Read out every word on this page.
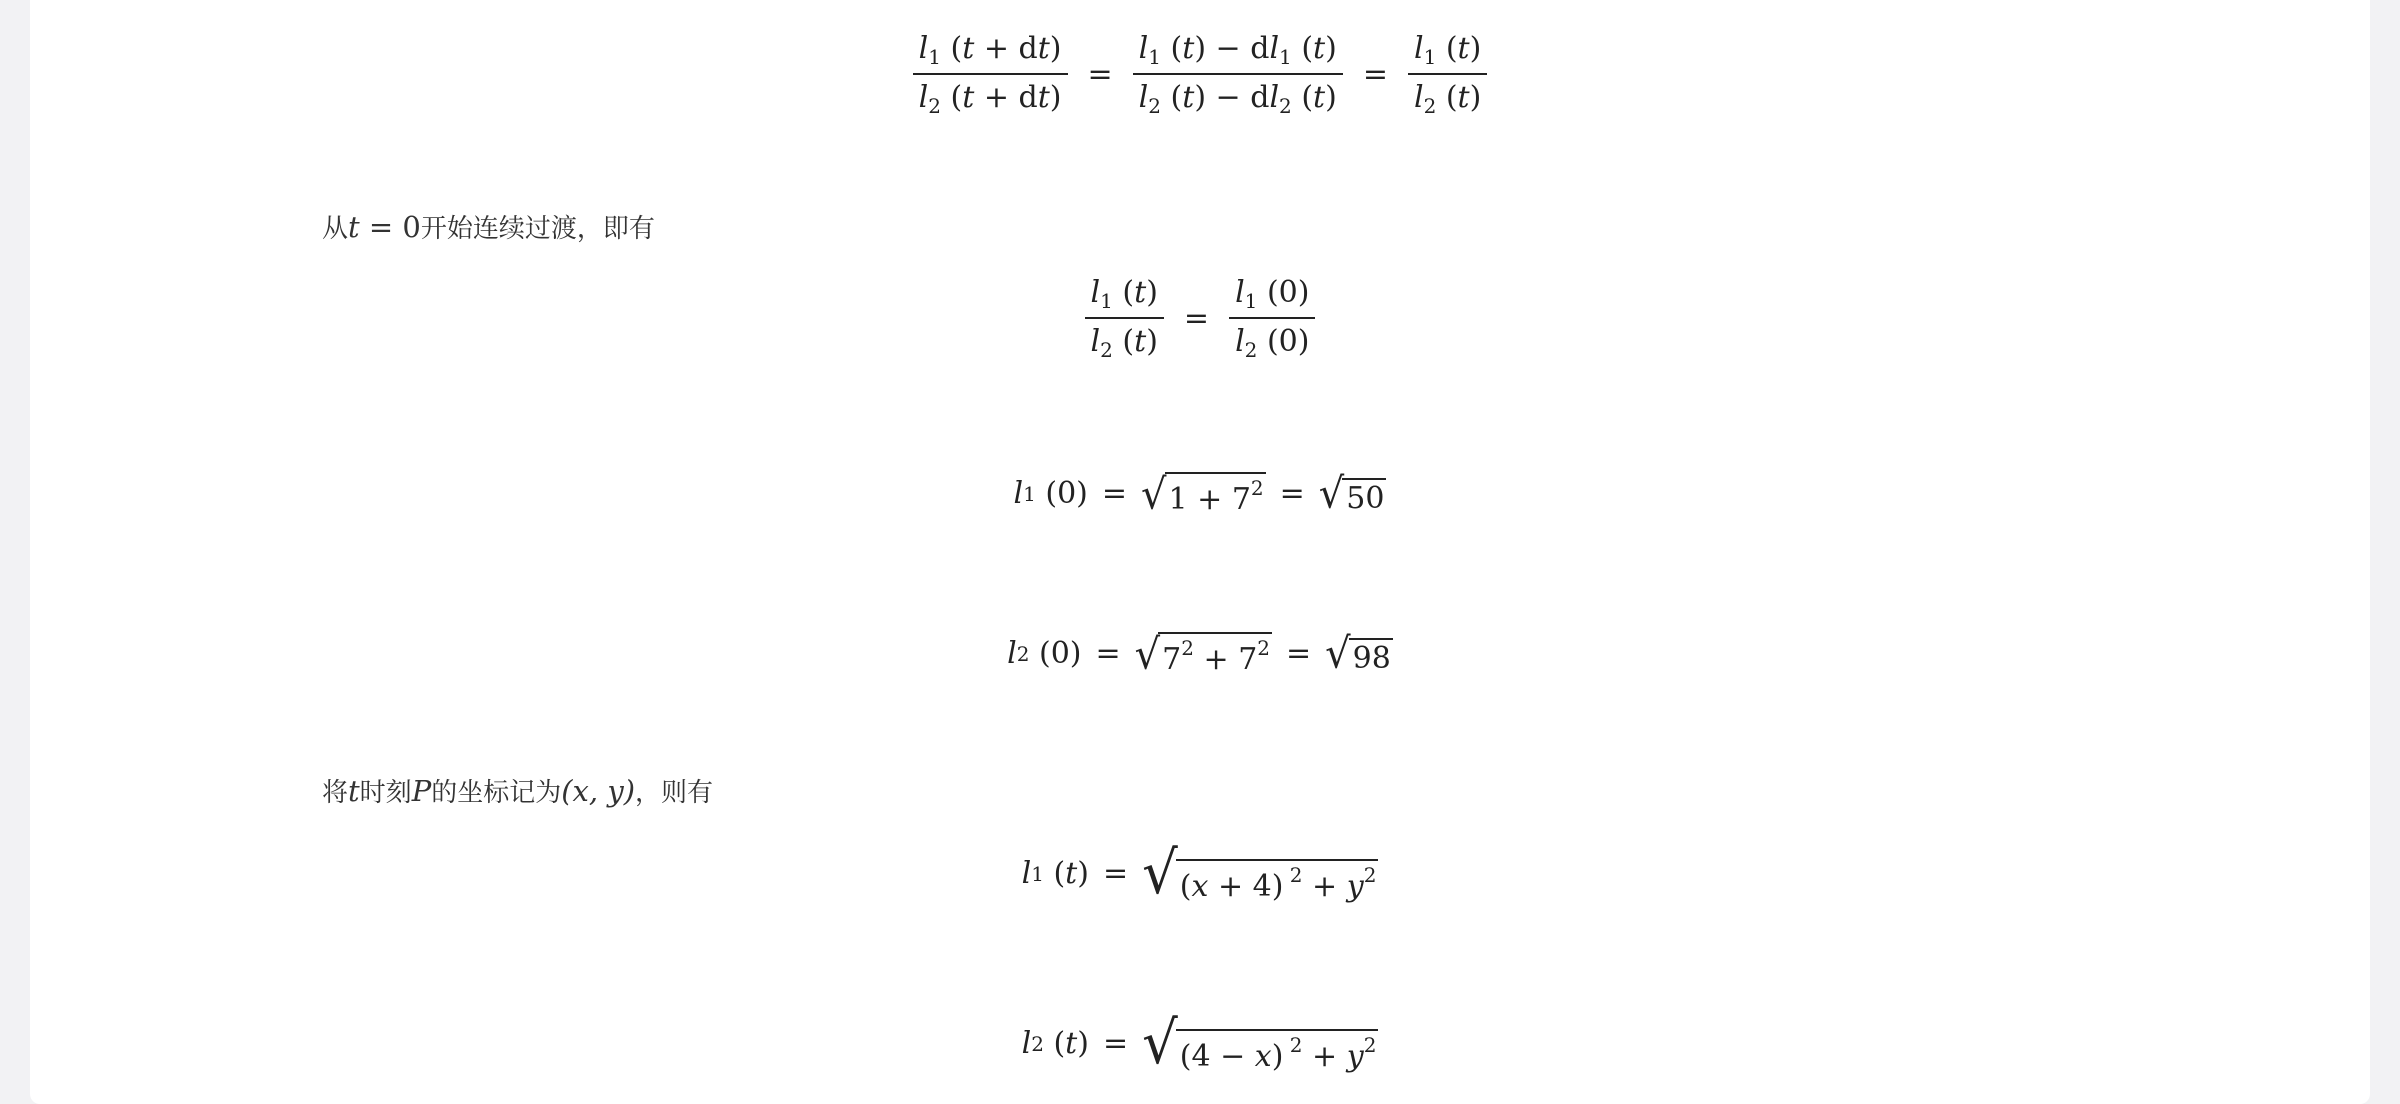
$\frac{l_1 (t + dt)}{l_2 (t + dt)} = \frac{l_1 (t) - dl_1 (t)}{l_2 (t) - dl_2 (t)} = \frac{l_1 (t)}{l_2 (t)}$
从 t = 0 开始连续过渡，即有
$\frac{l_1 (t)}{l_2 (t)} = \frac{l_1 (0)}{l_2 (0)}$
l 1 (0) = √ $1 + 7^2$ = √ 50
l 2 (0) = √ $7^2 + 7^2$ = √ 98
将 t 时刻 P 的坐标记为 (x, y) ，则有
l 1 ( t ) = √ (x + 4) $^2 + y^2$
l 2 ( t ) = √ (4 − x) $^2 + y^2$
